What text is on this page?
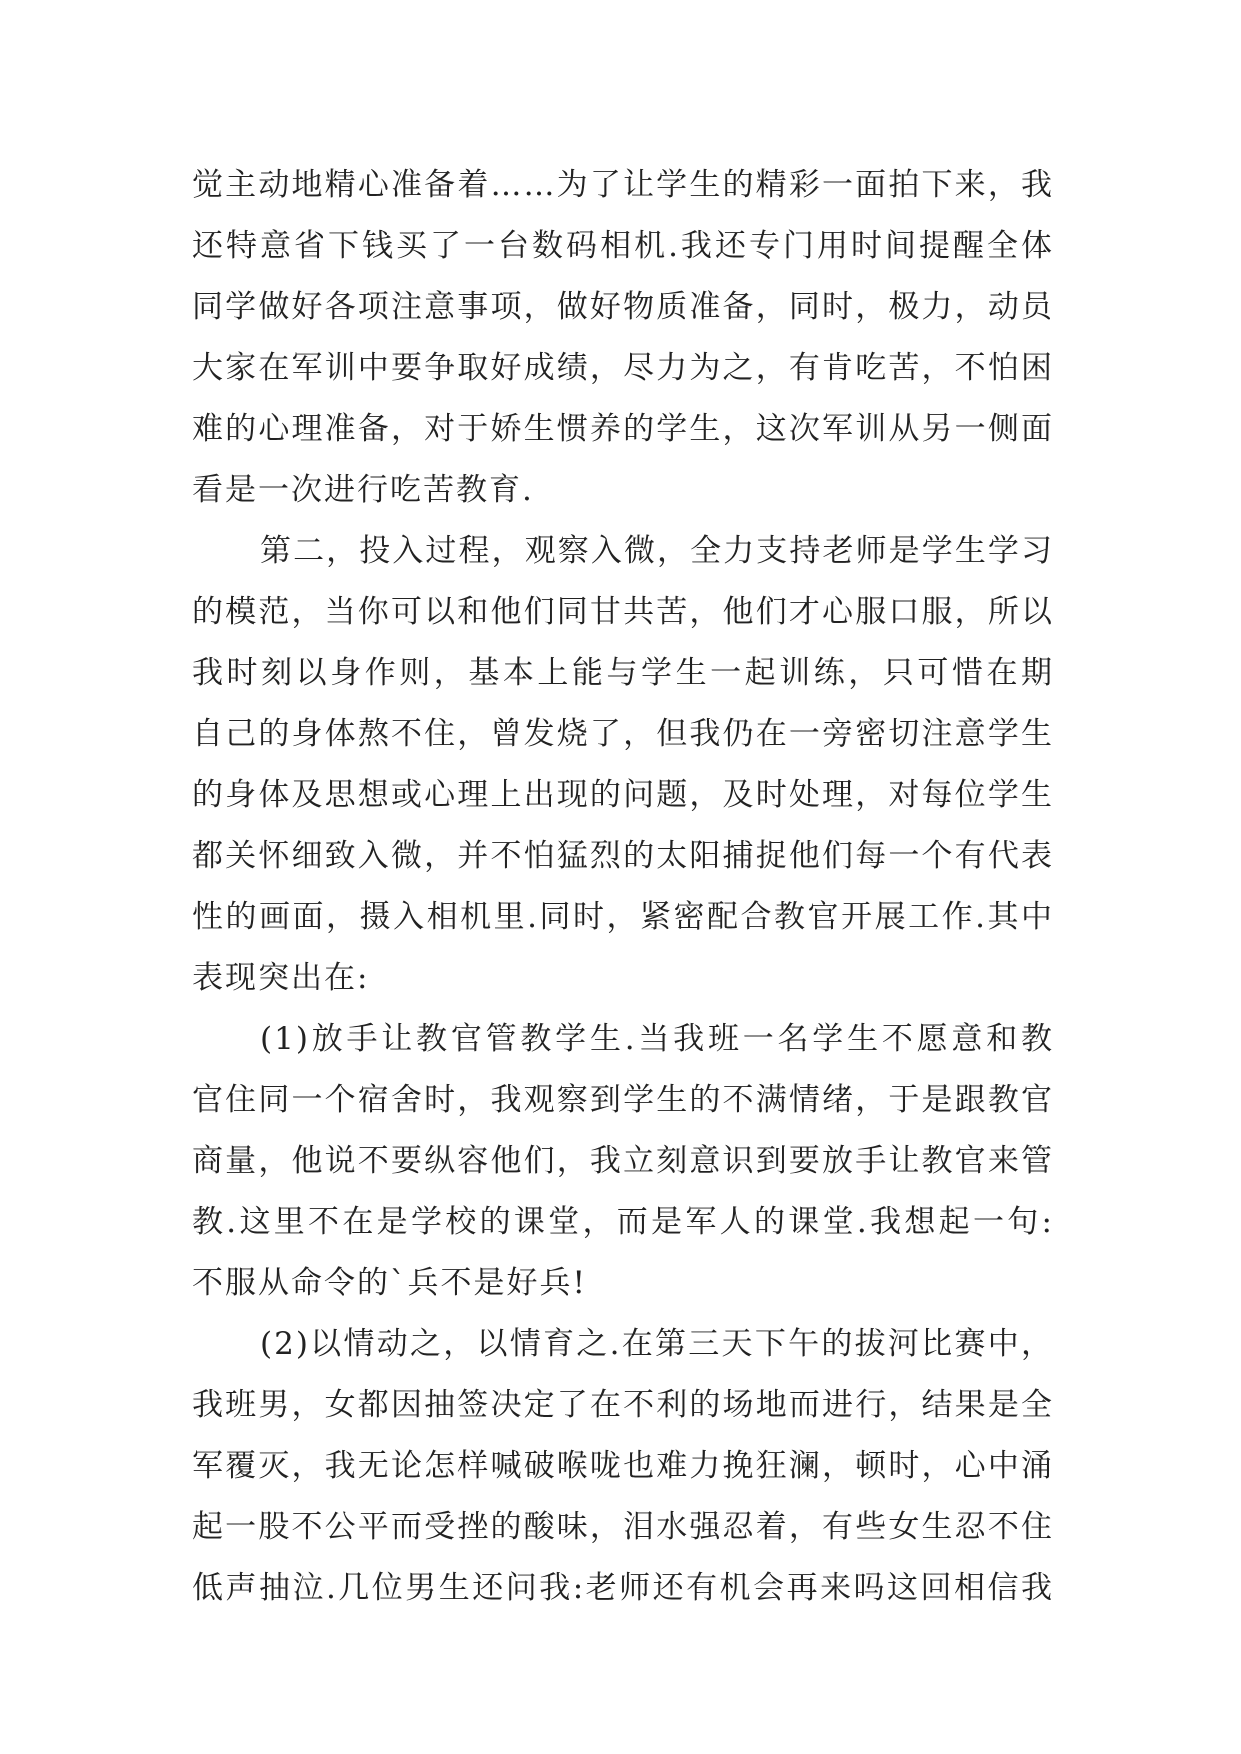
觉主动地精心准备着……为了让学生的精彩一面拍下来，我
还特意省下钱买了一台数码相机.我还专门用时间提醒全体
同学做好各项注意事项，做好物质准备，同时，极力，动员
大家在军训中要争取好成绩，尽力为之，有肯吃苦，不怕困
难的心理准备，对于娇生惯养的学生，这次军训从另一侧面
看是一次进行吃苦教育.
第二，投入过程，观察入微，全力支持老师是学生学习
的模范，当你可以和他们同甘共苦，他们才心服口服，所以
我时刻以身作则，基本上能与学生一起训练，只可惜在期
自己的身体熬不住，曾发烧了，但我仍在一旁密切注意学生
的身体及思想或心理上出现的问题，及时处理，对每位学生
都关怀细致入微，并不怕猛烈的太阳捕捉他们每一个有代表
性的画面，摄入相机里.同时，紧密配合教官开展工作.其中
表现突出在:
(1)放手让教官管教学生.当我班一名学生不愿意和教
官住同一个宿舍时，我观察到学生的不满情绪，于是跟教官
商量，他说不要纵容他们，我立刻意识到要放手让教官来管
教.这里不在是学校的课堂，而是军人的课堂.我想起一句:
不服从命令的`兵不是好兵!
(2)以情动之，以情育之.在第三天下午的拔河比赛中，
我班男，女都因抽签决定了在不利的场地而进行，结果是全
军覆灭，我无论怎样喊破喉咙也难力挽狂澜，顿时，心中涌
起一股不公平而受挫的酸味，泪水强忍着，有些女生忍不住
低声抽泣.几位男生还问我:老师还有机会再来吗这回相信我
